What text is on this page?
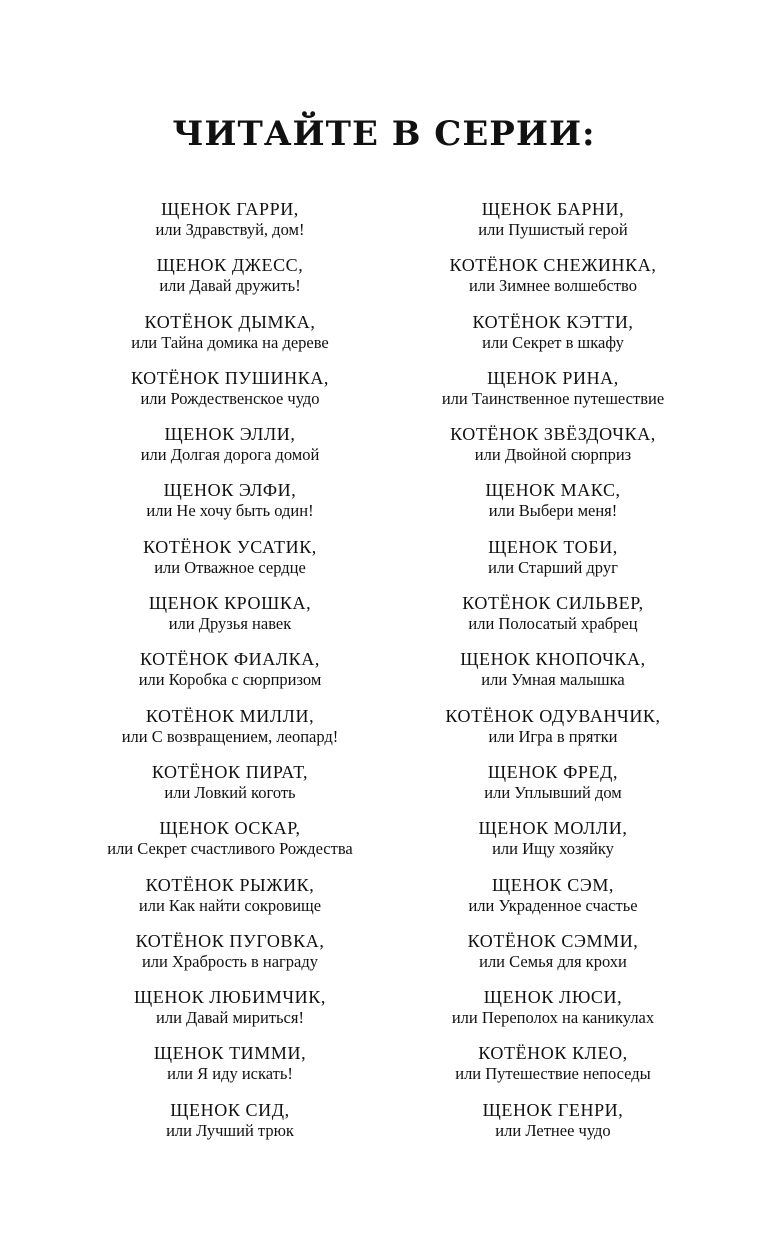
ЧИТАЙТЕ В СЕРИИ:
ЩЕНОК ГАРРИ,
или Здравствуй, дом!
ЩЕНОК ДЖЕСС,
или Давай дружить!
КОТЁНОК ДЫМКА,
или Тайна домика на дереве
КОТЁНОК ПУШИНКА,
или Рождественское чудо
ЩЕНОК ЭЛЛИ,
или Долгая дорога домой
ЩЕНОК ЭЛФИ,
или Не хочу быть один!
КОТЁНОК УСАТИК,
или Отважное сердце
ЩЕНОК КРОШКА,
или Друзья навек
КОТЁНОК ФИАЛКА,
или Коробка с сюрпризом
КОТЁНОК МИЛЛИ,
или С возвращением, леопард!
КОТЁНОК ПИРАТ,
или Ловкий коготь
ЩЕНОК ОСКАР,
или Секрет счастливого Рождества
КОТЁНОК РЫЖИК,
или Как найти сокровище
КОТЁНОК ПУГОВКА,
или Храбрость в награду
ЩЕНОК ЛЮБИМЧИК,
или Давай мириться!
ЩЕНОК ТИММИ,
или Я иду искать!
ЩЕНОК СИД,
или Лучший трюк
ЩЕНОК БАРНИ,
или Пушистый герой
КОТЁНОК СНЕЖИНКА,
или Зимнее волшебство
КОТЁНОК КЭТТИ,
или Секрет в шкафу
ЩЕНОК РИНА,
или Таинственное путешествие
КОТЁНОК ЗВЁЗДОЧКА,
или Двойной сюрприз
ЩЕНОК МАКС,
или Выбери меня!
ЩЕНОК ТОБИ,
или Старший друг
КОТЁНОК СИЛЬВЕР,
или Полосатый храбрец
ЩЕНОК КНОПОЧКА,
или Умная малышка
КОТЁНОК ОДУВАНЧИК,
или Игра в прятки
ЩЕНОК ФРЕД,
или Уплывший дом
ЩЕНОК МОЛЛИ,
или Ищу хозяйку
ЩЕНОК СЭМ,
или Украденное счастье
КОТЁНОК СЭММИ,
или Семья для крохи
ЩЕНОК ЛЮСИ,
или Переполох на каникулах
КОТЁНОК КЛЕО,
или Путешествие непоседы
ЩЕНОК ГЕНРИ,
или Летнее чудо
